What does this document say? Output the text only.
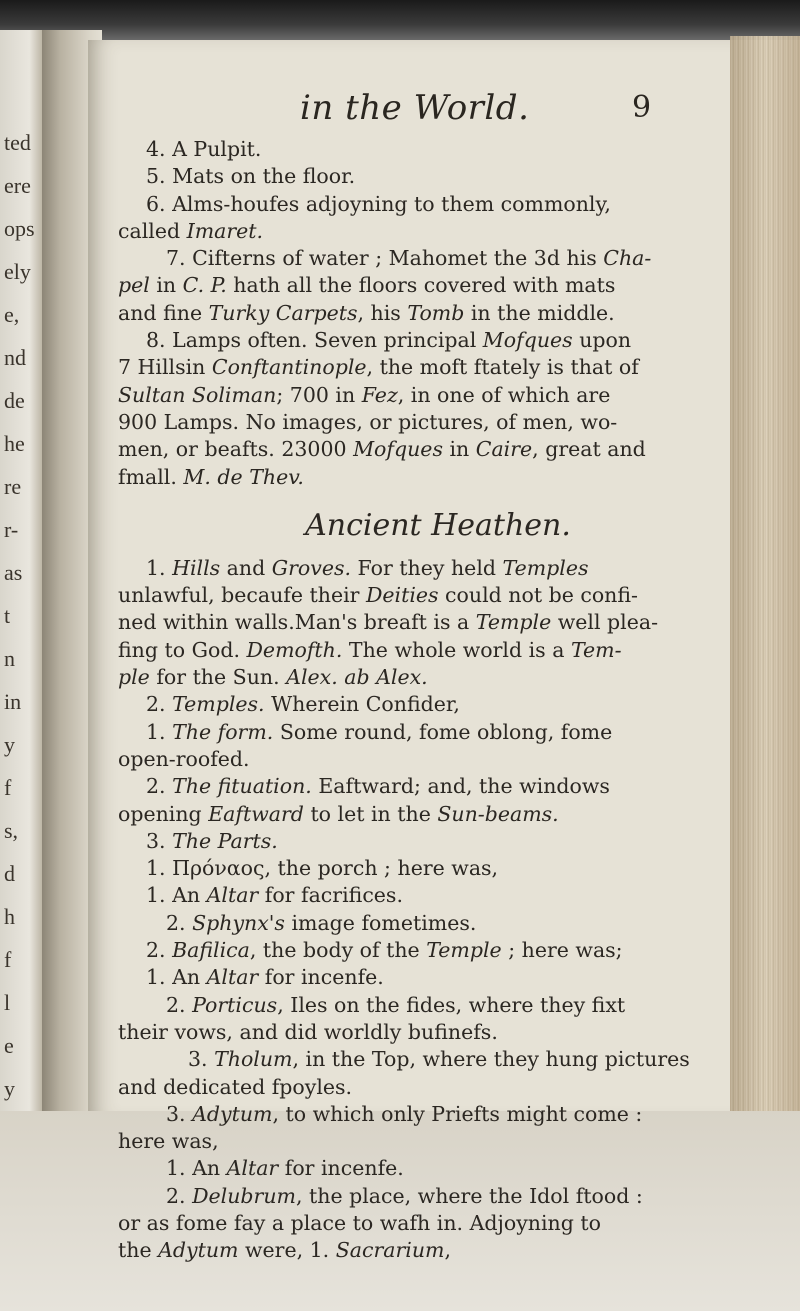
ted
ere
ops
ely
e,
nd
de
he
re
r-
as
t
n
in
y
f
s,
d
h
f
l
e
y
in the World.	9
4. A Pulpit.
5. Mats on the floor.
6. Alms-houfes adjoyning to them commonly,
called Imaret.
7. Cifterns of water ; Mahomet the 3d his Cha-
pel in C. P. hath all the floors covered with mats
and fine Turky Carpets, his Tomb in the middle.
8. Lamps often. Seven principal Mofques upon
7 Hillsin Conftantinople, the moft ftately is that of
Sultan Soliman; 700 in Fez, in one of which are
900 Lamps. No images, or pictures, of men, wo-
men, or beafts. 23000 Mofques in Caire, great and
fmall. M. de Thev.
Ancient Heathen.
1. Hills and Groves. For they held Temples
unlawful, becaufe their Deities could not be confi-
ned within walls.Man's breaft is a Temple well plea-
fing to God. Demofth. The whole world is a Tem-
ple for the Sun. Alex. ab Alex.
2. Temples. Wherein Confider,
1. The form. Some round, fome oblong, fome
open-roofed.
2. The fituation. Eaftward; and, the windows
opening Eaftward to let in the Sun-beams.
3. The Parts.
1. Πρόναος, the porch ; here was,
1. An Altar for facrifices.
2. Sphynx's image fometimes.
2. Bafilica, the body of the Temple ; here was;
1. An Altar for incenfe.
2. Porticus, Iles on the fides, where they fixt
their vows, and did worldly bufinefs.
3. Tholum, in the Top, where they hung pictures
and dedicated fpoyles.
3. Adytum, to which only Priefts might come :
here was,
1. An Altar for incenfe.
2. Delubrum, the place, where the Idol ftood :
or as fome fay a place to wafh in. Adjoyning to
the Adytum were, 1. Sacrarium,
